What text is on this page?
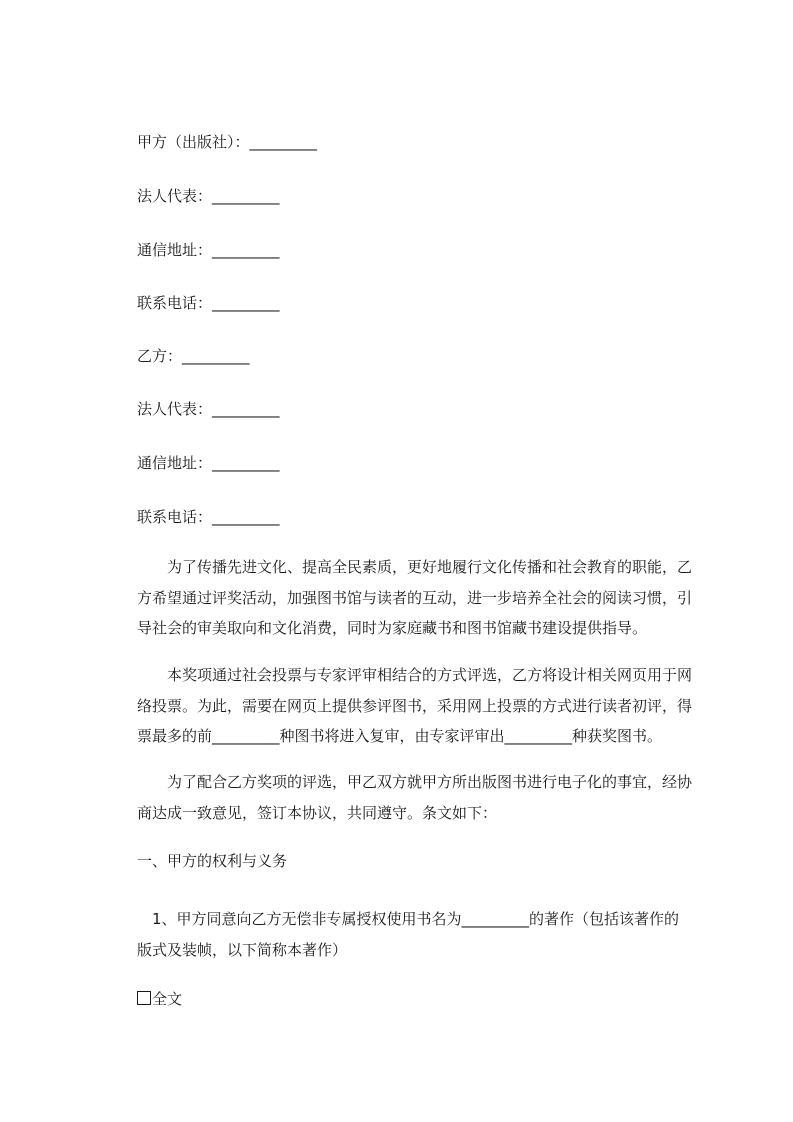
甲方（出版社）：_________
法人代表：_________
通信地址：_________
联系电话：_________
乙方：_________
法人代表：_________
通信地址：_________
联系电话：_________
　　为了传播先进文化、提高全民素质，更好地履行文化传播和社会教育的职能，乙
方希望通过评奖活动，加强图书馆与读者的互动，进一步培养全社会的阅读习惯，引
导社会的审美取向和文化消费，同时为家庭藏书和图书馆藏书建设提供指导。
　　本奖项通过社会投票与专家评审相结合的方式评选，乙方将设计相关网页用于网
络投票。为此，需要在网页上提供参评图书，采用网上投票的方式进行读者初评，得
票最多的前_________种图书将进入复审，由专家评审出_________种获奖图书。
　　为了配合乙方奖项的评选，甲乙双方就甲方所出版图书进行电子化的事宜，经协
商达成一致意见，签订本协议，共同遵守。条文如下：
一、甲方的权利与义务
　1、甲方同意向乙方无偿非专属授权使用书名为_________的著作（包括该著作的
版式及装帧，以下简称本著作）
全文
